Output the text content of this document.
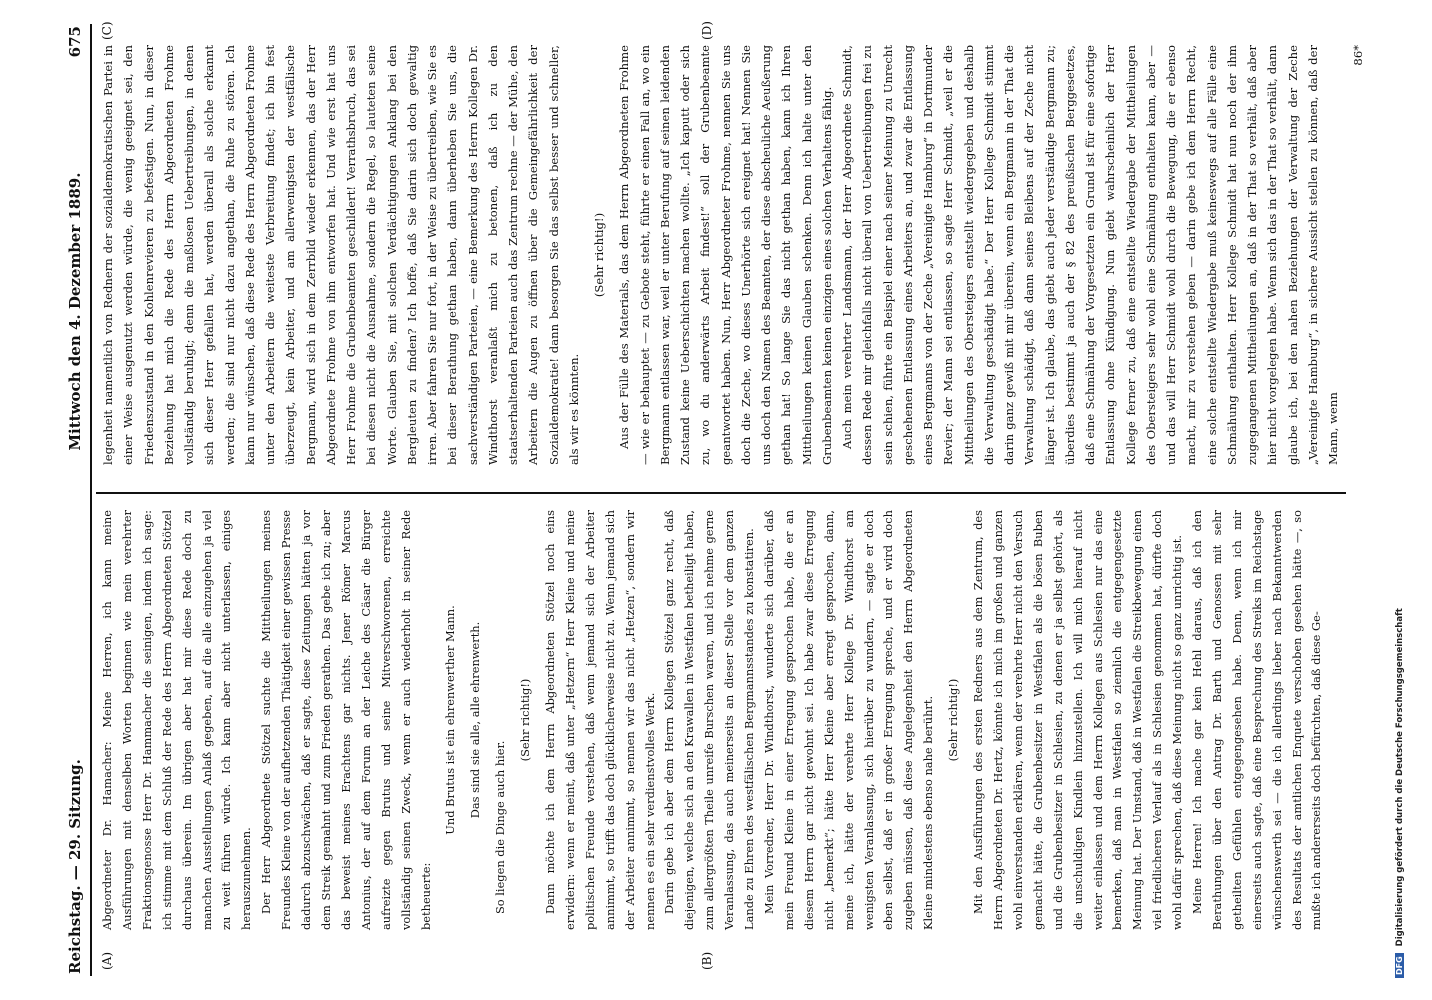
Reichstag. — 29. Sitzung.
Mittwoch den 4. Dezember 1889. 675
(A)	(B)
(C)	(D)

Abgeordneter Dr. Hamacher: Meine Herren, ich kann meine Ausführungen mit denselben Worten beginnen wie mein verehrter Fraktionsgenosse Herr Dr. Hammacher die seinigen, indem ich sage: ich stimme mit dem Schluß der Rede des Herrn Abgeordneten Stötzel durchaus überein. Im übrigen aber hat mir diese Rede doch zu manchen Ausstellungen Anlaß gegeben, auf die alle einzugehen ja viel zu weit führen würde. Ich kann aber nicht unterlassen, einiges herauszunehmen. Der Herr Abgeordnete Stötzel suchte die Mittheilungen meines Freundes Kleine von der aufhetzenden Thätigkeit einer gewissen Presse dadurch abzuschwächen, daß er sagte, diese Zeitungen hätten ja vor dem Streik gemahnt und zum Frieden gerathen. Das gebe ich zu; aber das beweist meines Erachtens gar nichts. Jener Römer Marcus Antonius, der auf dem Forum an der Leiche des Cäsar die Bürger aufreizte gegen Brutus und seine Mitverschworenen, erreichte vollständig seinen Zweck, wenn er auch wiederholt in seiner Rede betheuerte:

Und Brutus ist ein ehrenwerther Mann. Das sind sie alle, alle ehrenwerth.

So liegen die Dinge auch hier.

(Sehr richtig!) Dann möchte ich dem Herrn Abgeordneten Stötzel noch eins erwidern: wenn er meint, daß unter „Hetzern“ Herr Kleine und meine politischen Freunde verstehen, daß wenn jemand sich der Arbeiter annimmt, so trifft das doch glücklicherweise nicht zu. Wenn jemand sich der Arbeiter annimmt, so nennen wir das nicht „Hetzen“, sondern wir nennen es ein sehr verdienstvolles Werk. Darin gebe ich aber dem Herrn Kollegen Stötzel ganz recht, daß diejenigen, welche sich an den Krawallen in Westfalen betheiligt haben, zum allergrößten Theile unreife Burschen waren, und ich nehme gerne Veranlassung, das auch meinerseits an dieser Stelle vor dem ganzen Lande zu Ehren des westfälischen Bergmannsstandes zu konstatiren. Mein Vorredner, Herr Dr. Windthorst, wunderte sich darüber, daß mein Freund Kleine in einer Erregung gesprochen habe, die er an diesem Herrn gar nicht gewohnt sei. Ich habe zwar diese Erregung nicht „bemerkt“; hätte Herr Kleine aber erregt gesprochen, dann, meine ich, hätte der verehrte Herr Kollege Dr. Windthorst am wenigsten Veranlassung, sich hierüber zu wundern, — sagte er doch eben selbst, daß er in großer Erregung spreche, und er wird doch zugeben müssen, daß diese Angelegenheit den Herrn Abgeordneten Kleine mindestens ebenso nahe berührt. (Sehr richtig!) Mit den Ausführungen des ersten Redners aus dem Zentrum, des Herrn Abgeordneten Dr. Hertz, könnte ich mich im großen und ganzen wohl einverstanden erklären, wenn der verehrte Herr nicht den Versuch gemacht hätte, die Grubenbesitzer in Westfalen als die bösen Buben und die Grubenbesitzer in Schlesien, zu denen er ja selbst gehört, als die unschuldigen Kindlein hinzustellen. Ich will mich hierauf nicht weiter einlassen und dem Herrn Kollegen aus Schlesien nur das eine bemerken, daß man in Westfalen so ziemlich die entgegengesetzte Meinung hat. Der Umstand, daß in Westfalen die Streikbewegung einen viel friedlicheren Verlauf als in Schlesien genommen hat, dürfte doch wohl dafür sprechen, daß diese Meinung nicht so ganz unrichtig ist. Meine Herren! Ich mache gar kein Hehl daraus, daß ich den Berathungen über den Antrag Dr. Barth und Genossen mit sehr getheilten Gefühlen entgegengesehen habe. Denn, wenn ich mir einerseits auch sagte, daß eine Besprechung des Streiks im Reichstage wünschenswerth sei — die ich allerdings lieber nach Bekanntwerden des Resultats der amtlichen Enquete verschoben gesehen hätte —, so mußte ich andererseits doch befürchten, daß diese Ge-

legenheit namentlich von Rednern der sozialdemokratischen Partei in einer Weise ausgenutzt werden würde, die wenig geeignet sei, den Friedenszustand in den Kohlenrevieren zu befestigen. Nun, in dieser Beziehung hat mich die Rede des Herrn Abgeordneten Frohme vollständig beruhigt; denn die maßlosen Uebertreibungen, in denen sich dieser Herr gefallen hat, werden überall als solche erkannt werden; die sind nur nicht dazu angethan, die Ruhe zu stören. Ich kann nur wünschen, daß diese Rede des Herrn Abgeordneten Frohme unter den Arbeitern die weiteste Verbreitung findet; ich bin fest überzeugt, kein Arbeiter, und am allerwenigsten der westfälische Bergmann, wird sich in dem Zerrbild wieder erkennen, das der Herr Abgeordnete Frohme von ihm entworfen hat. Und wie erst hat uns Herr Frohme die Grubenbeamten geschildert! Verrathsbruch, das sei bei diesen nicht die Ausnahme, sondern die Regel, so lauteten seine Worte. Glauben Sie, mit solchen Verdächtigungen Anklang bei den Bergleuten zu finden? Ich hoffe, daß Sie darin sich doch gewaltig irren. Aber fahren Sie nur fort, in der Weise zu übertreiben, wie Sie es bei dieser Berathung gethan haben, dann überheben Sie uns, die sachverständigen Parteien, — eine Bemerkung des Herrn Kollegen Dr. Windthorst veranlaßt mich zu betonen, daß ich zu den staatserhaltenden Parteien auch das Zentrum rechne — der Mühe, den Arbeitern die Augen zu öffnen über die Gemeingefährlichkeit der Sozialdemokratie! dann besorgen Sie das selbst besser und schneller, als wir es könnten.

(Sehr richtig!) Aus der Fülle des Materials, das dem Herrn Abgeordneten Frohme — wie er behauptet — zu Gebote steht, führte er einen Fall an, wo ein Bergmann entlassen war, weil er unter Berufung auf seinen leidenden Zustand keine Ueberschichten machen wollte. „Ich kaputt oder sich zu, wo du anderwärts Arbeit findest!“ soll der Grubenbeamte geantwortet haben. Nun, Herr Abgeordneter Frohme, nennen Sie uns doch die Zeche, wo dieses Unerhörte sich ereignet hat! Nennen Sie uns doch den Namen des Beamten, der diese abscheuliche Aeußerung gethan hat! So lange Sie das nicht gethan haben, kann ich Ihren Mittheilungen keinen Glauben schenken. Denn ich halte unter den Grubenbeamten keinen einzigen eines solchen Verhaltens fähig. Auch mein verehrter Landsmann, der Herr Abgeordnete Schmidt, dessen Rede mir gleichfalls nicht überall von Uebertreibungen frei zu sein schien, führte ein Beispiel einer nach seiner Meinung zu Unrecht geschehenen Entlassung eines Arbeiters an, und zwar die Entlassung eines Bergmanns von der Zeche „Vereinigte Hamburg“ in Dortmunder Revier; der Mann sei entlassen, so sagte Herr Schmidt, „weil er die Mittheilungen des Obersteigers entstellt wiedergegeben und deshalb die Verwaltung geschädigt habe.“ Der Herr Kollege Schmidt stimmt darin ganz gewiß mit mir überein, wenn ein Bergmann in der That die Verwaltung schädigt, daß dann seines Bleibens auf der Zeche nicht länger ist. Ich glaube, das giebt auch jeder verständige Bergmann zu; überdies bestimmt ja auch der § 82 des preußischen Berggesetzes, daß eine Schmähung der Vorgesetzten ein Grund ist für eine sofortige Entlassung ohne Kündigung. Nun giebt wahrscheinlich der Herr Kollege ferner zu, daß eine entstellte Wiedergabe der Mittheilungen des Obersteigers sehr wohl eine Schmähung enthalten kann, aber — und das will Herr Schmidt wohl durch die Bewegung, die er ebenso macht, mir zu verstehen geben — darin gebe ich dem Herrn Recht, eine solche entstellte Wiedergabe muß keineswegs auf alle Fälle eine Schmähung enthalten. Herr Kollege Schmidt hat nun noch der ihm zugegangenen Mittheilungen an, daß in der That so verhält, daß aber hier nicht vorgelegen habe. Wenn sich das in der That so verhält, dann glaube ich, bei den nahen Beziehungen der Verwaltung der Zeche „Vereinigte Hamburg“, in sichere Aussicht stellen zu können, daß der Mann, wenn

86*

DFG Digitalisierung gefördert durch die Deutsche Forschungsgemeinschaft
